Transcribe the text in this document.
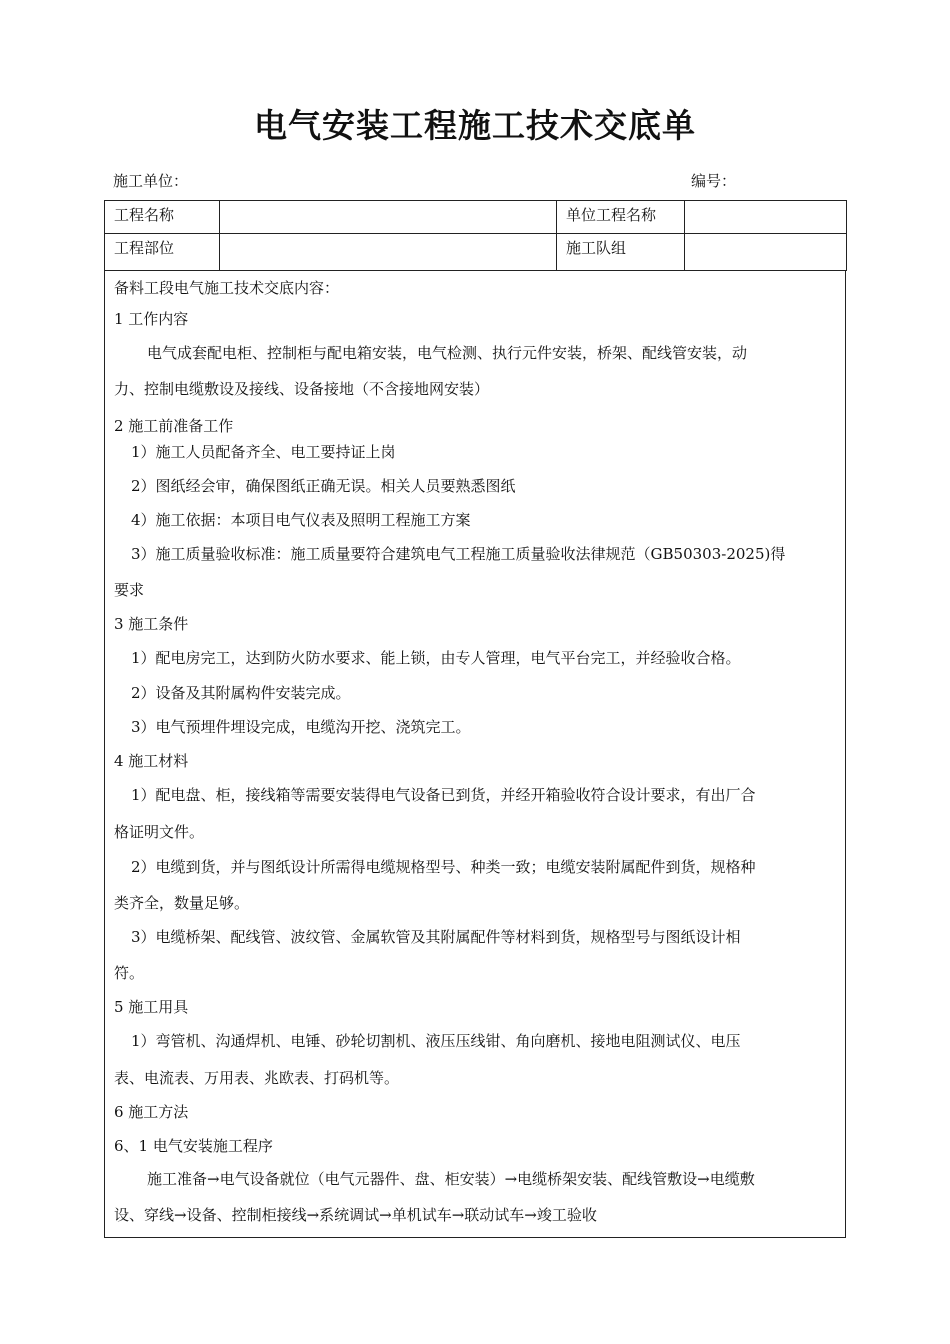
电气安装工程施工技术交底单
施工单位：	编号：
工程名称		单位工程名称	
工程部位		施工队组	
备料工段电气施工技术交底内容：
1 工作内容
电气成套配电柜、控制柜与配电箱安装，电气检测、执行元件安装，桥架、配线管安装，动
力、控制电缆敷设及接线、设备接地（不含接地网安装）
2 施工前准备工作
1）施工人员配备齐全、电工要持证上岗
2）图纸经会审，确保图纸正确无误。相关人员要熟悉图纸
4）施工依据：本项目电气仪表及照明工程施工方案
3）施工质量验收标准：施工质量要符合建筑电气工程施工质量验收法律规范（GB50303-2025)得
要求
3 施工条件
1）配电房完工，达到防火防水要求、能上锁，由专人管理，电气平台完工，并经验收合格。
2）设备及其附属构件安装完成。
3）电气预埋件埋设完成，电缆沟开挖、浇筑完工。
4 施工材料
1）配电盘、柜，接线箱等需要安装得电气设备已到货，并经开箱验收符合设计要求，有出厂合
格证明文件。
2）电缆到货，并与图纸设计所需得电缆规格型号、种类一致；电缆安装附属配件到货，规格种
类齐全，数量足够。
3）电缆桥架、配线管、波纹管、金属软管及其附属配件等材料到货，规格型号与图纸设计相
符。
5 施工用具
1）弯管机、沟通焊机、电锤、砂轮切割机、液压压线钳、角向磨机、接地电阻测试仪、电压
表、电流表、万用表、兆欧表、打码机等。
6 施工方法
6、1 电气安装施工程序
施工准备→电气设备就位（电气元器件、盘、柜安装）→电缆桥架安装、配线管敷设→电缆敷
设、穿线→设备、控制柜接线→系统调试→单机试车→联动试车→竣工验收
